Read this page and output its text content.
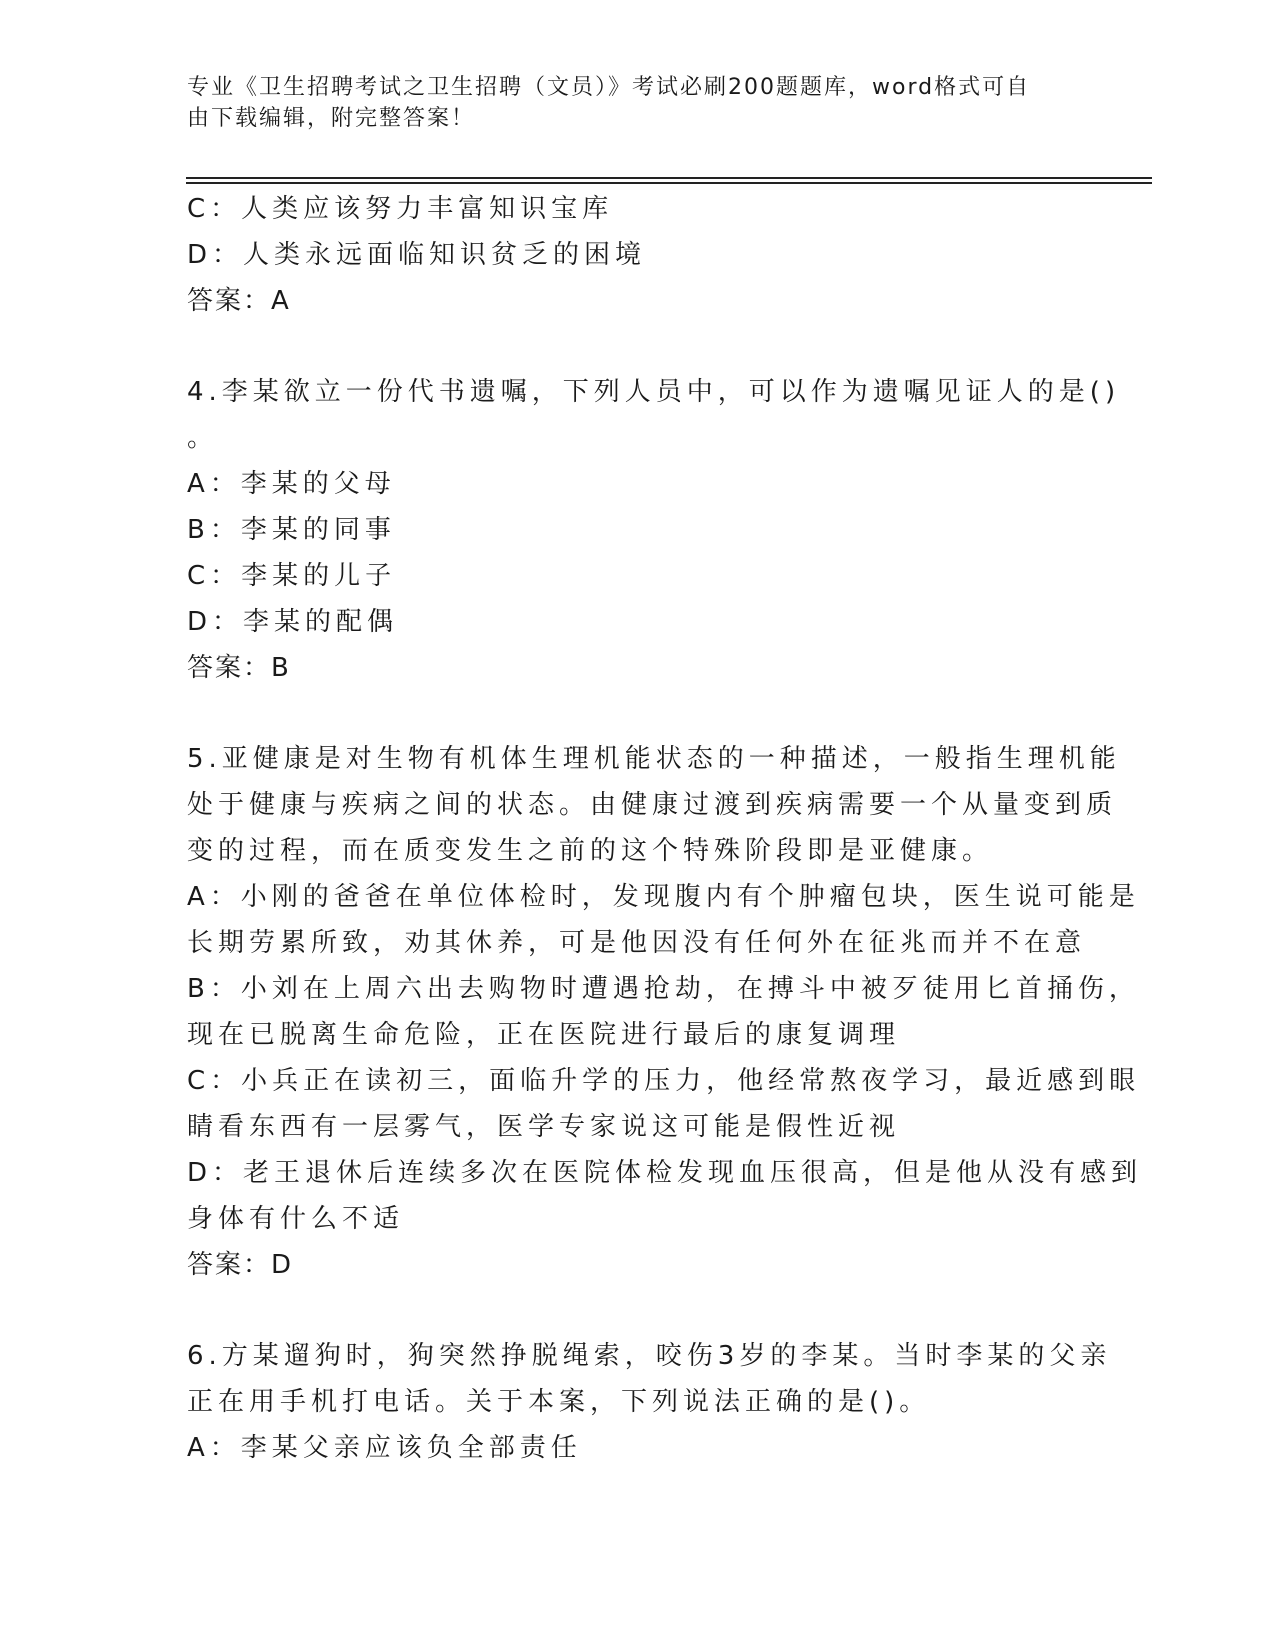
专业《卫生招聘考试之卫生招聘（文员）》考试必刷200题题库，word格式可自
由下载编辑，附完整答案！

C：人类应该努力丰富知识宝库

D：人类永远面临知识贫乏的困境

答案：A

4.李某欲立一份代书遗嘱，下列人员中，可以作为遗嘱见证人的是()

。

A：李某的父母

B：李某的同事

C：李某的儿子

D：李某的配偶

答案：B

5.亚健康是对生物有机体生理机能状态的一种描述，一般指生理机能

处于健康与疾病之间的状态。由健康过渡到疾病需要一个从量变到质

变的过程，而在质变发生之前的这个特殊阶段即是亚健康。

A：小刚的爸爸在单位体检时，发现腹内有个肿瘤包块，医生说可能是

长期劳累所致，劝其休养，可是他因没有任何外在征兆而并不在意

B：小刘在上周六出去购物时遭遇抢劫，在搏斗中被歹徒用匕首捅伤，

现在已脱离生命危险，正在医院进行最后的康复调理

C：小兵正在读初三，面临升学的压力，他经常熬夜学习，最近感到眼

睛看东西有一层雾气，医学专家说这可能是假性近视

D：老王退休后连续多次在医院体检发现血压很高，但是他从没有感到

身体有什么不适

答案：D

6.方某遛狗时，狗突然挣脱绳索，咬伤3岁的李某。当时李某的父亲

正在用手机打电话。关于本案，下列说法正确的是()。

A：李某父亲应该负全部责任
